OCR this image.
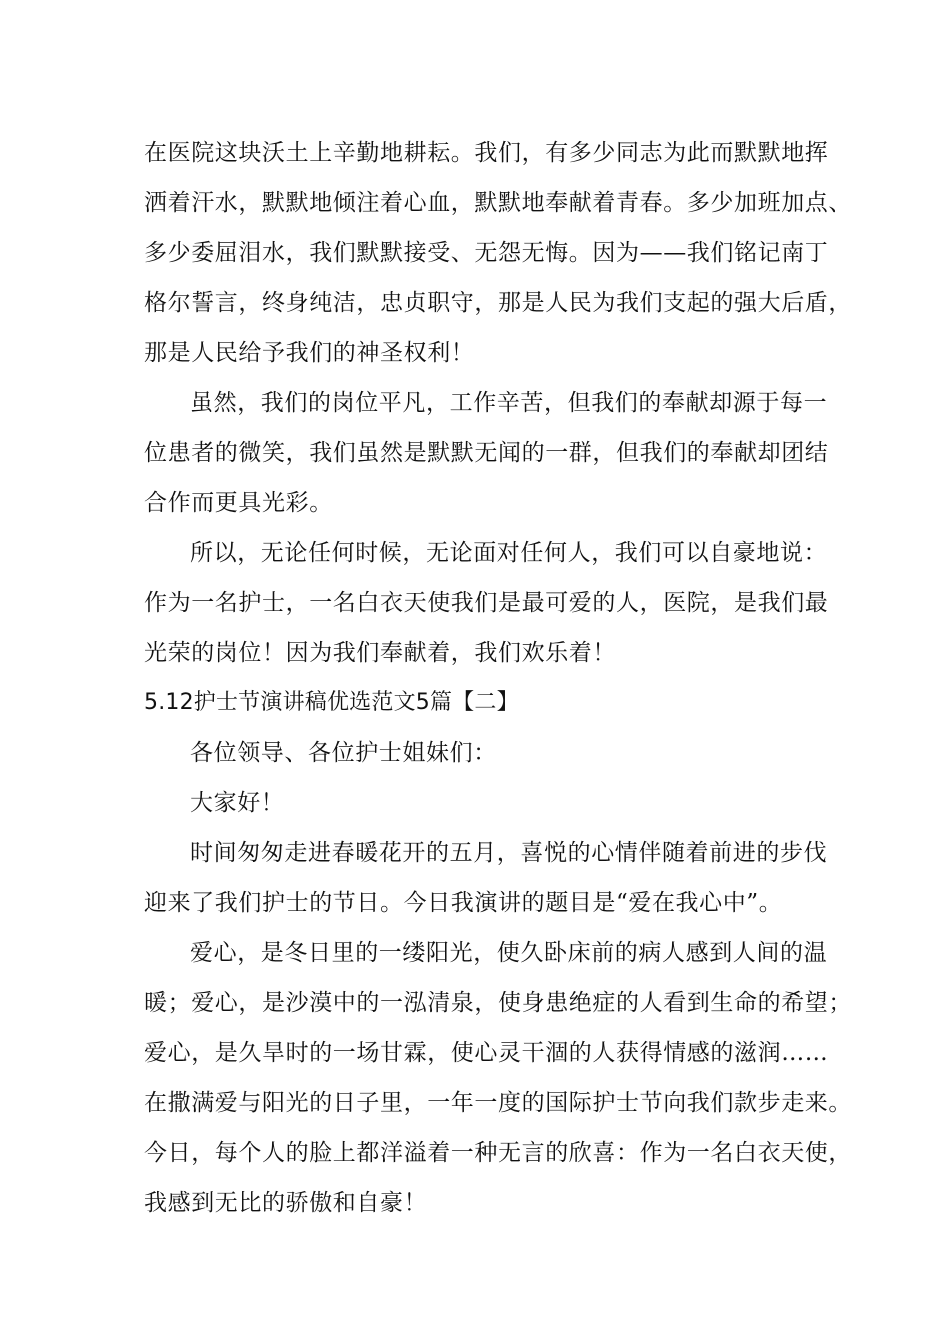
在医院这块沃土上辛勤地耕耘。我们，有多少同志为此而默默地挥
洒着汗水，默默地倾注着心血，默默地奉献着青春。多少加班加点、
多少委屈泪水，我们默默接受、无怨无悔。因为——我们铭记南丁
格尔誓言，终身纯洁，忠贞职守，那是人民为我们支起的强大后盾，
那是人民给予我们的神圣权利！
虽然，我们的岗位平凡，工作辛苦，但我们的奉献却源于每一
位患者的微笑，我们虽然是默默无闻的一群，但我们的奉献却团结
合作而更具光彩。
所以，无论任何时候，无论面对任何人，我们可以自豪地说：
作为一名护士，一名白衣天使我们是最可爱的人，医院，是我们最
光荣的岗位！因为我们奉献着，我们欢乐着！
5.12护士节演讲稿优选范文5篇【二】
各位领导、各位护士姐妹们：
大家好！
时间匆匆走进春暖花开的五月，喜悦的心情伴随着前进的步伐
迎来了我们护士的节日。今日我演讲的题目是“爱在我心中”。
爱心，是冬日里的一缕阳光，使久卧床前的病人感到人间的温
暖；爱心，是沙漠中的一泓清泉，使身患绝症的人看到生命的希望；
爱心，是久旱时的一场甘霖，使心灵干涸的人获得情感的滋润……
在撒满爱与阳光的日子里，一年一度的国际护士节向我们款步走来。
今日，每个人的脸上都洋溢着一种无言的欣喜：作为一名白衣天使，
我感到无比的骄傲和自豪！
